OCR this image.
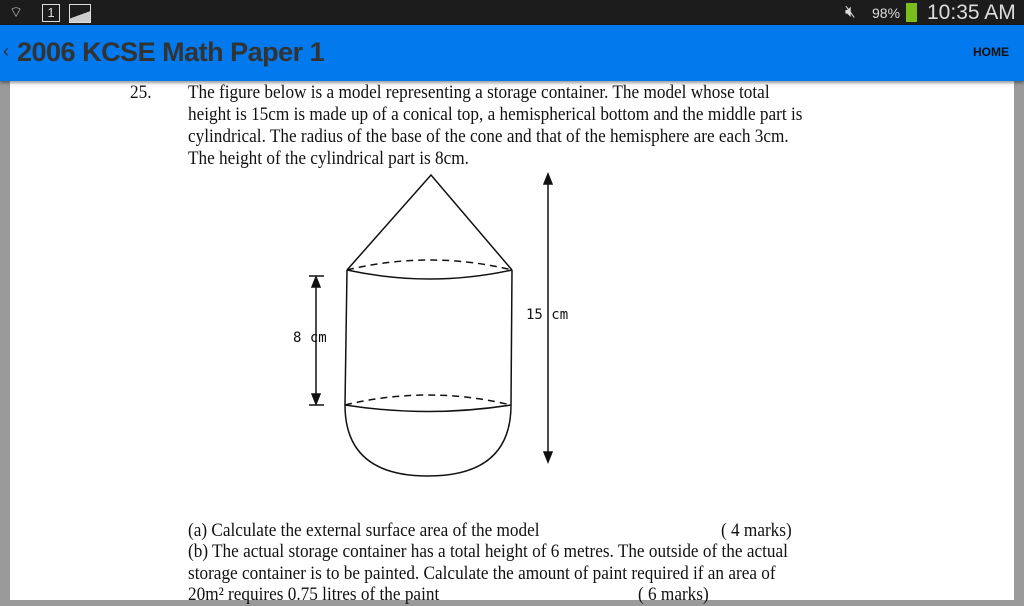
⌔	1	🔇︎ 98% 10:35 AM
‹ 2006 KCSE Math Paper 1	HOME
25. The figure below is a model representing a storage container. The model whose total
height is 15cm is made up of a conical top, a hemispherical bottom and the middle part is
cylindrical. The radius of the base of the cone and that of the hemisphere are each 3cm.
The height of the cylindrical part is 8cm.
8 cm
15 cm
(a) Calculate the external surface area of the model	( 4 marks)
(b) The actual storage container has a total height of 6 metres. The outside of the actual
storage container is to be painted. Calculate the amount of paint required if an area of
20m² requires 0.75 litres of the paint	( 6 marks)
